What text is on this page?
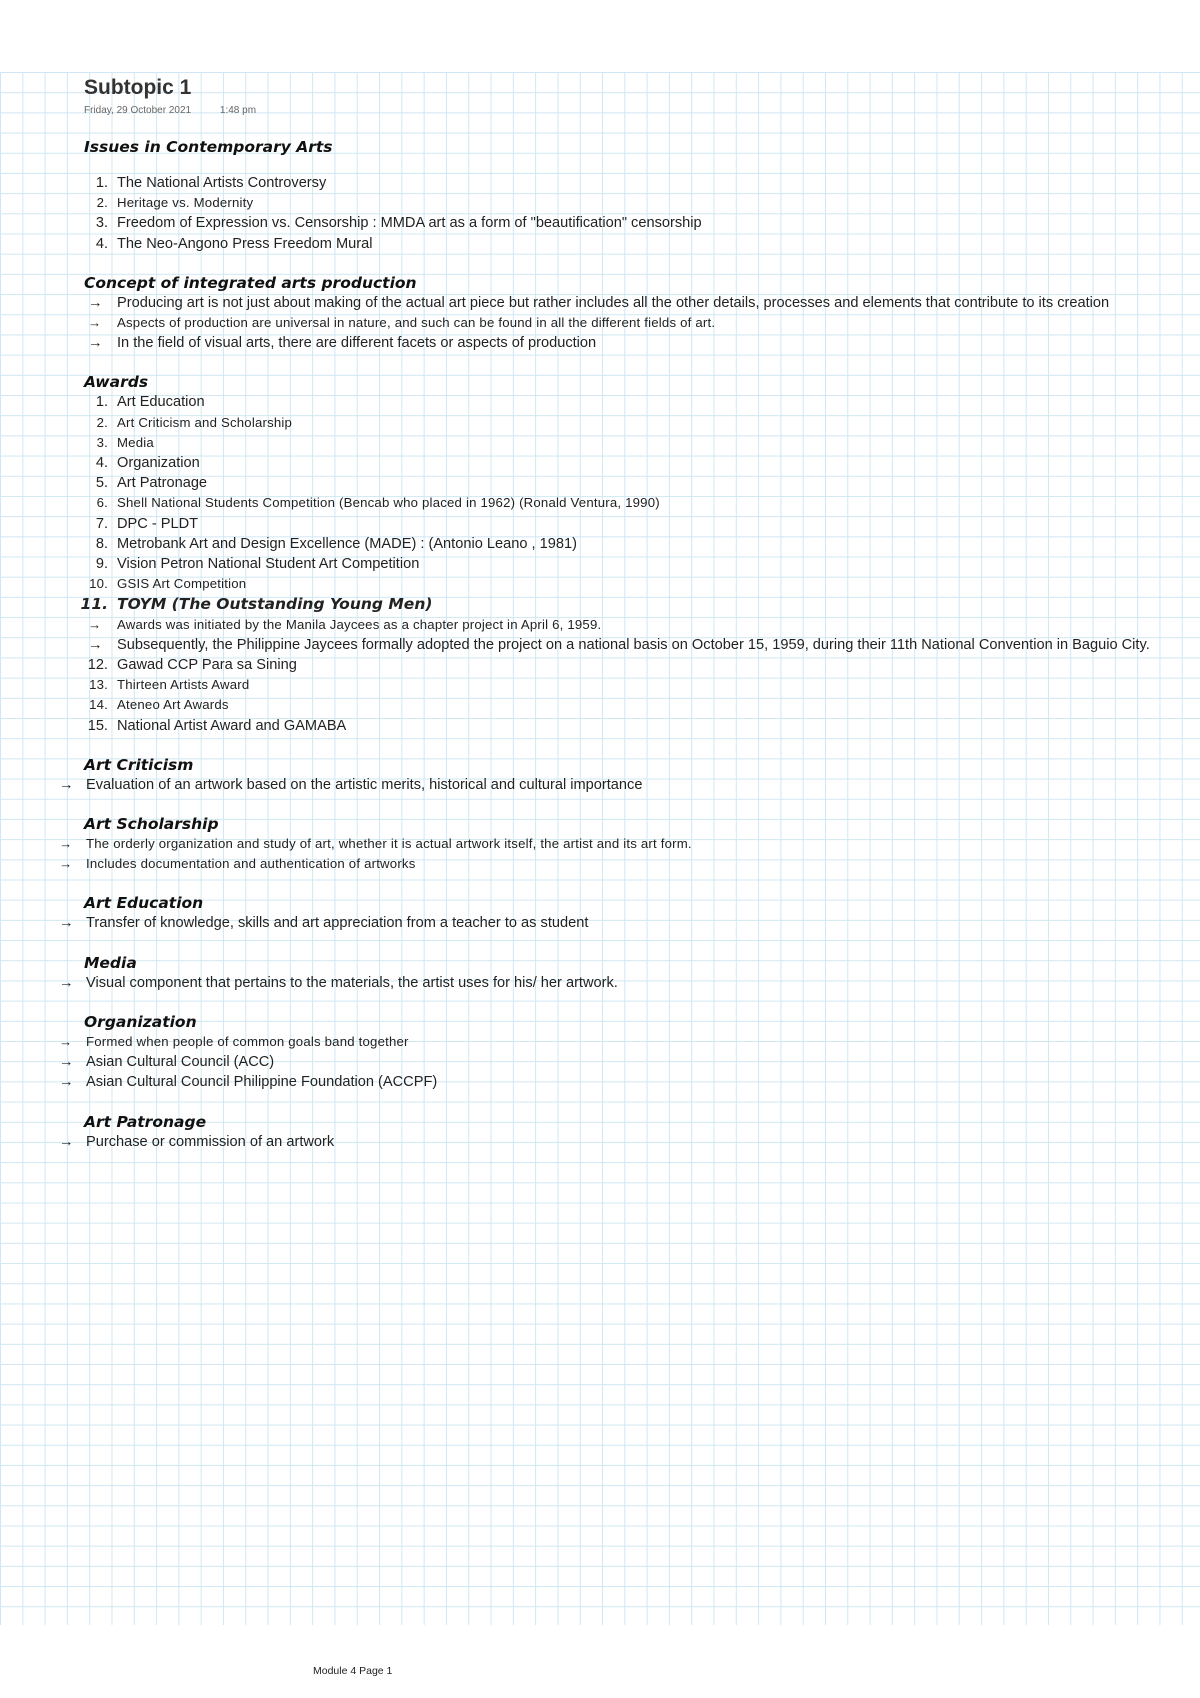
Subtopic 1
Friday, 29 October 2021	1:48 pm
Issues in Contemporary Arts
1. The National Artists Controversy
2. Heritage vs. Modernity
3. Freedom of Expression vs. Censorship : MMDA art as a form of "beautification" censorship
4. The Neo-Angono Press Freedom Mural
Concept of integrated arts production
→ Producing art is not just about making of the actual art piece but rather includes all the other details, processes and elements that contribute to its creation
→ Aspects of production are universal in nature, and such can be found in all the different fields of art.
→ In the field of visual arts, there are different facets or aspects of production
Awards
1. Art Education
2. Art Criticism and Scholarship
3. Media
4. Organization
5. Art Patronage
6. Shell National Students Competition (Bencab who placed in 1962) (Ronald Ventura, 1990)
7. DPC - PLDT
8. Metrobank Art and Design Excellence (MADE) : (Antonio Leano , 1981)
9. Vision Petron National Student Art Competition
10. GSIS Art Competition
11. TOYM (The Outstanding Young Men)
→ Awards was initiated by the Manila Jaycees as a chapter project in April 6, 1959.
→ Subsequently, the Philippine Jaycees formally adopted the project on a national basis on October 15, 1959, during their 11th National Convention in Baguio City.
12. Gawad CCP Para sa Sining
13. Thirteen Artists Award
14. Ateneo Art Awards
15. National Artist Award and GAMABA
Art Criticism
→ Evaluation of an artwork based on the artistic merits, historical and cultural importance
Art Scholarship
→ The orderly organization and study of art, whether it is actual artwork itself, the artist and its art form.
→ Includes documentation and authentication of artworks
Art Education
→ Transfer of knowledge, skills and art appreciation from a teacher to as student
Media
→ Visual component that pertains to the materials, the artist uses for his/ her artwork.
Organization
→ Formed when people of common goals band together
→ Asian Cultural Council (ACC)
→ Asian Cultural Council Philippine Foundation (ACCPF)
Art Patronage
→ Purchase or commission of an artwork
Module 4 Page 1
